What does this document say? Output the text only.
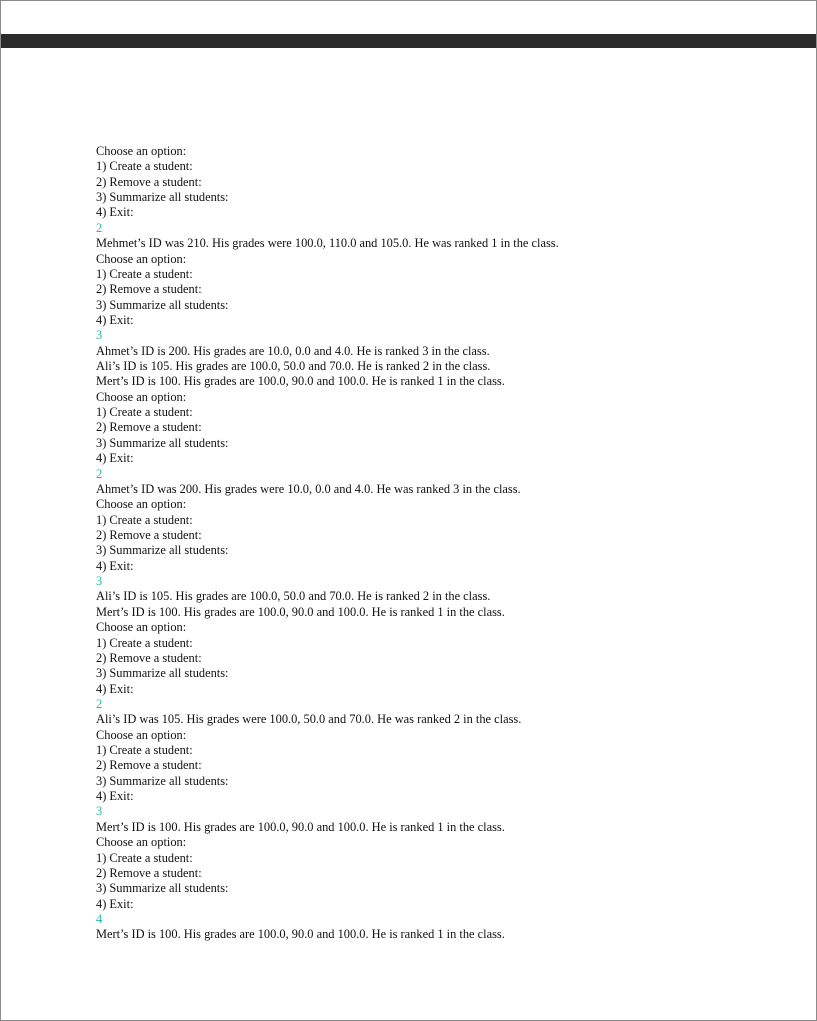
Choose an option:
1) Create a student:
2) Remove a student:
3) Summarize all students:
4) Exit:
2
Mehmet’s ID was 210. His grades were 100.0, 110.0 and 105.0. He was ranked 1 in the class.
Choose an option:
1) Create a student:
2) Remove a student:
3) Summarize all students:
4) Exit:
3
Ahmet’s ID is 200. His grades are 10.0, 0.0 and 4.0. He is ranked 3 in the class.
Ali’s ID is 105. His grades are 100.0, 50.0 and 70.0. He is ranked 2 in the class.
Mert’s ID is 100. His grades are 100.0, 90.0 and 100.0. He is ranked 1 in the class.
Choose an option:
1) Create a student:
2) Remove a student:
3) Summarize all students:
4) Exit:
2
Ahmet’s ID was 200. His grades were 10.0, 0.0 and 4.0. He was ranked 3 in the class.
Choose an option:
1) Create a student:
2) Remove a student:
3) Summarize all students:
4) Exit:
3
Ali’s ID is 105. His grades are 100.0, 50.0 and 70.0. He is ranked 2 in the class.
Mert’s ID is 100. His grades are 100.0, 90.0 and 100.0. He is ranked 1 in the class.
Choose an option:
1) Create a student:
2) Remove a student:
3) Summarize all students:
4) Exit:
2
Ali’s ID was 105. His grades were 100.0, 50.0 and 70.0. He was ranked 2 in the class.
Choose an option:
1) Create a student:
2) Remove a student:
3) Summarize all students:
4) Exit:
3
Mert’s ID is 100. His grades are 100.0, 90.0 and 100.0. He is ranked 1 in the class.
Choose an option:
1) Create a student:
2) Remove a student:
3) Summarize all students:
4) Exit:
4
Mert’s ID is 100. His grades are 100.0, 90.0 and 100.0. He is ranked 1 in the class.
